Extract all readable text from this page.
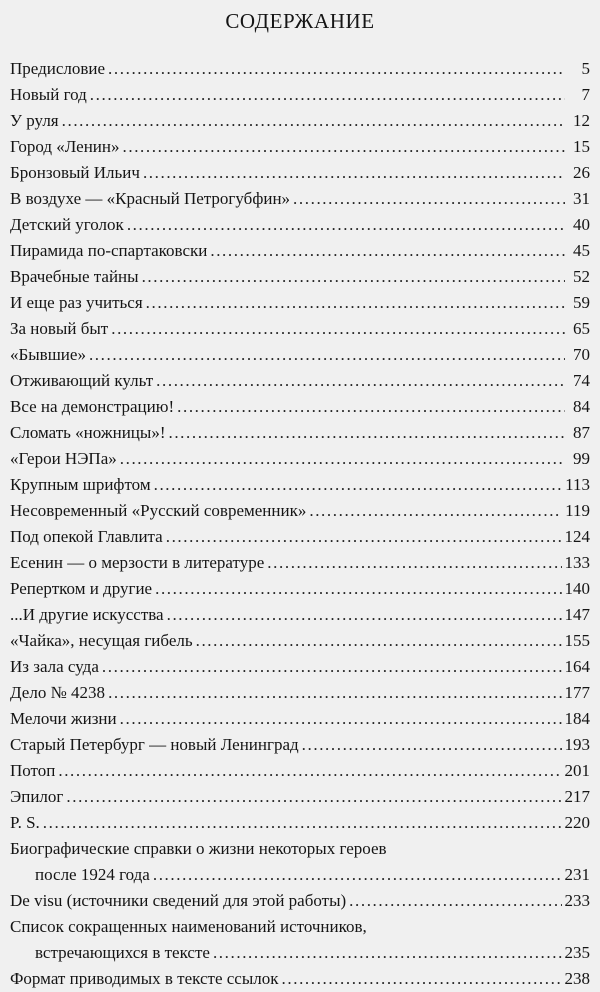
СОДЕРЖАНИЕ
Предисловие .....	5
Новый год .....	7
У руля .....	12
Город «Ленин» .....	15
Бронзовый Ильич .....	26
В воздухе — «Красный Петрогубфин» .....	31
Детский уголок .....	40
Пирамида по-спартаковски .....	45
Врачебные тайны .....	52
И еще раз учиться .....	59
За новый быт .....	65
«Бывшие» .....	70
Отживающий культ .....	74
Все на демонстрацию! .....	84
Сломать «ножницы»! .....	87
«Герои НЭПа» .....	99
Крупным шрифтом .....	113
Несовременный «Русский современник» .....	119
Под опекой Главлита .....	124
Есенин — о мерзости в литературе .....	133
Репертком и другие .....	140
...И другие искусства .....	147
«Чайка», несущая гибель .....	155
Из зала суда .....	164
Дело № 4238 .....	177
Мелочи жизни .....	184
Старый Петербург — новый Ленинград .....	193
Потоп .....	201
Эпилог .....	217
P. S. .....	220
Биографические справки о жизни некоторых героев
после 1924 года .....	231
De visu (источники сведений для этой работы) .....	233
Список сокращенных наименований источников,
встречающихся в тексте .....	235
Формат приводимых в тексте ссылок .....	238
